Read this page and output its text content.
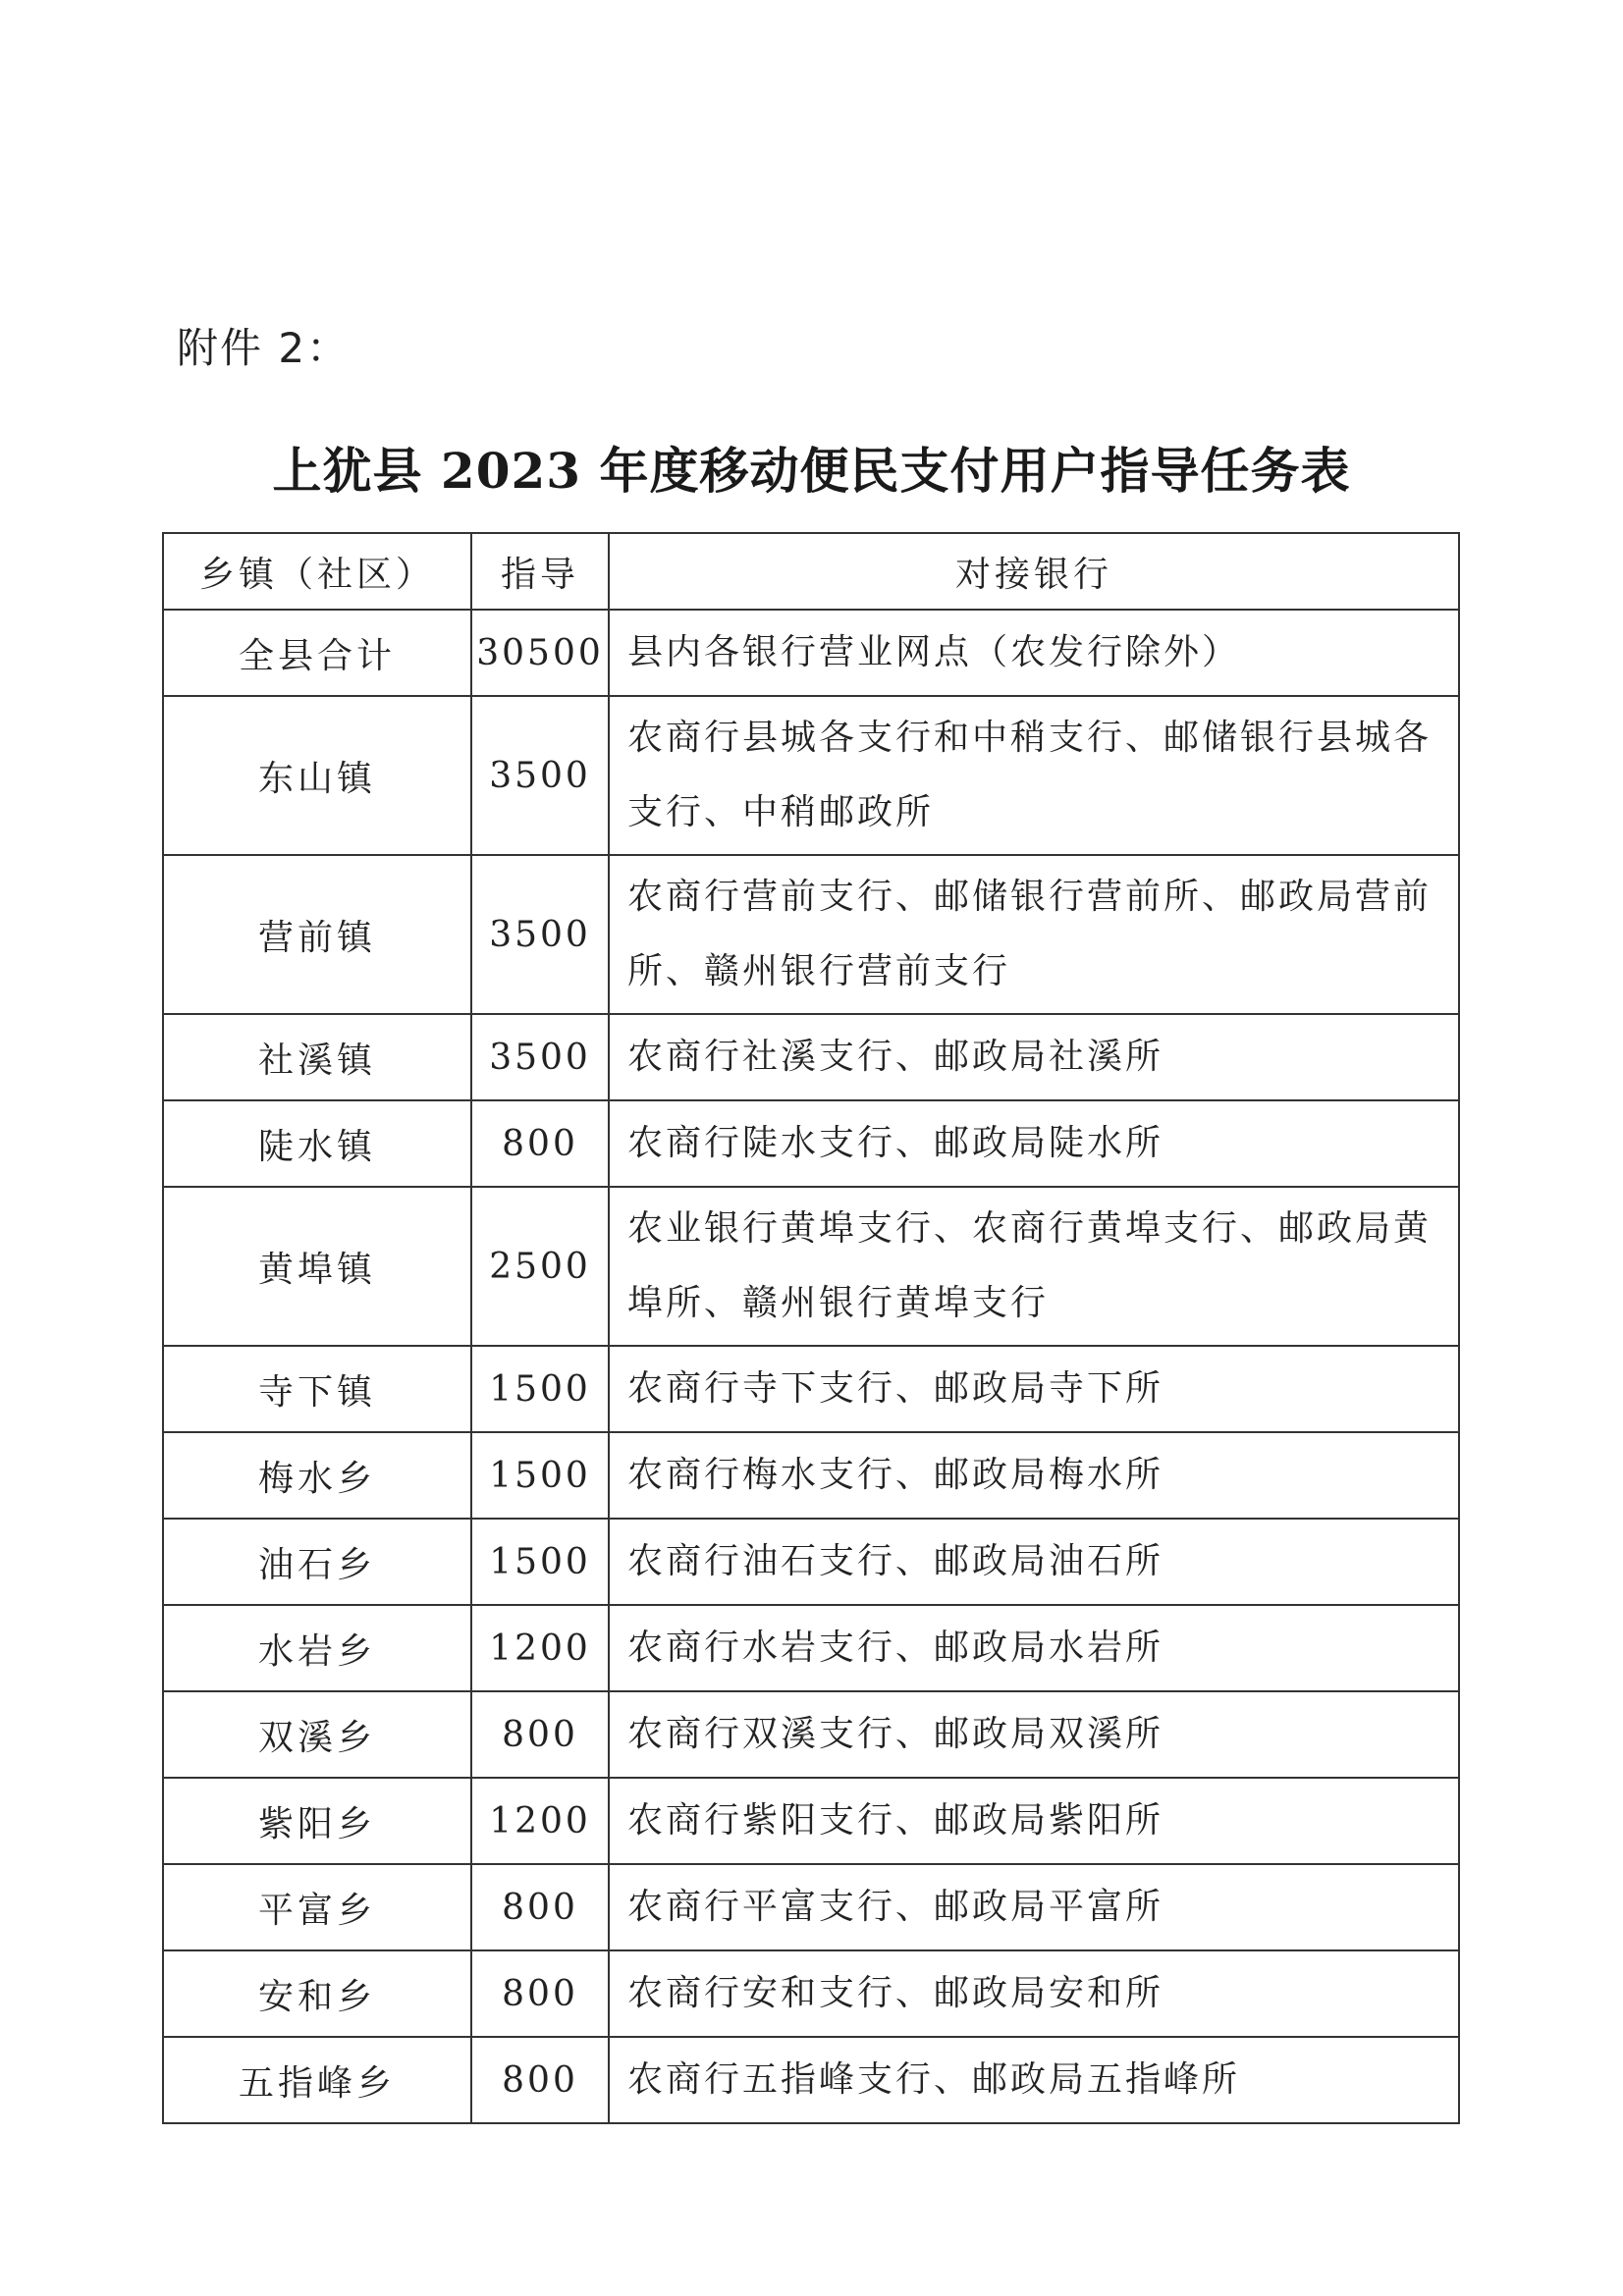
附件 2：
上犹县 2023 年度移动便民支付用户指导任务表
乡镇（社区）	指导	对接银行
全县合计	30500	县内各银行营业网点（农发行除外）
东山镇	3500	农商行县城各支行和中稍支行、邮储银行县城各支行、中稍邮政所
营前镇	3500	农商行营前支行、邮储银行营前所、邮政局营前所、赣州银行营前支行
社溪镇	3500	农商行社溪支行、邮政局社溪所
陡水镇	800	农商行陡水支行、邮政局陡水所
黄埠镇	2500	农业银行黄埠支行、农商行黄埠支行、邮政局黄埠所、赣州银行黄埠支行
寺下镇	1500	农商行寺下支行、邮政局寺下所
梅水乡	1500	农商行梅水支行、邮政局梅水所
油石乡	1500	农商行油石支行、邮政局油石所
水岩乡	1200	农商行水岩支行、邮政局水岩所
双溪乡	800	农商行双溪支行、邮政局双溪所
紫阳乡	1200	农商行紫阳支行、邮政局紫阳所
平富乡	800	农商行平富支行、邮政局平富所
安和乡	800	农商行安和支行、邮政局安和所
五指峰乡	800	农商行五指峰支行、邮政局五指峰所
